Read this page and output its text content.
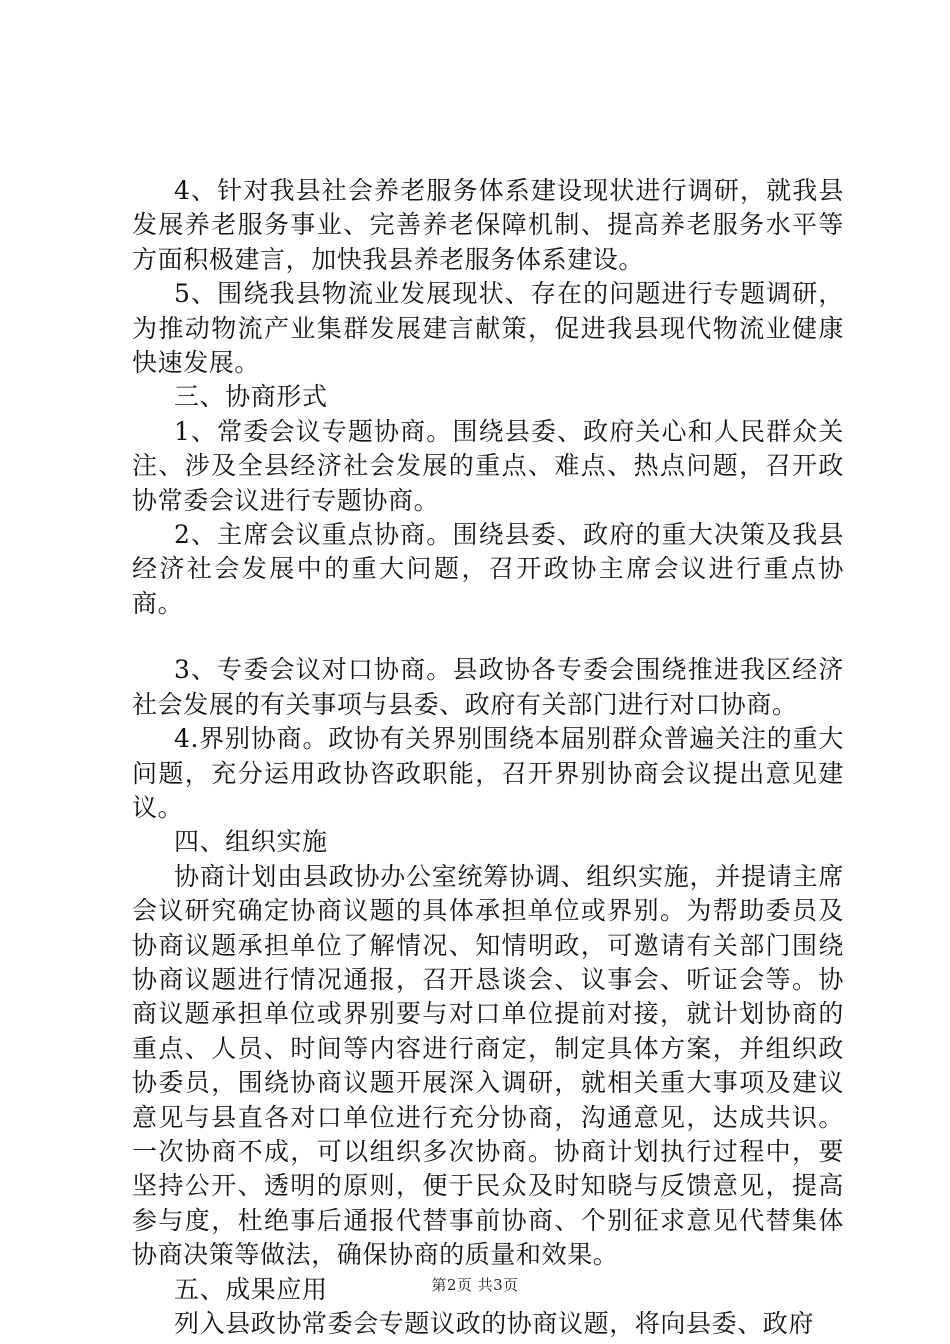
4、针对我县社会养老服务体系建设现状进行调研，就我县发展养老服务事业、完善养老保障机制、提高养老服务水平等方面积极建言，加快我县养老服务体系建设。

5、围绕我县物流业发展现状、存在的问题进行专题调研，为推动物流产业集群发展建言献策，促进我县现代物流业健康快速发展。

三、协商形式

1、常委会议专题协商。围绕县委、政府关心和人民群众关注、涉及全县经济社会发展的重点、难点、热点问题，召开政协常委会议进行专题协商。

2、主席会议重点协商。围绕县委、政府的重大决策及我县经济社会发展中的重大问题，召开政协主席会议进行重点协商。

3、专委会议对口协商。县政协各专委会围绕推进我区经济社会发展的有关事项与县委、政府有关部门进行对口协商。

4.界别协商。政协有关界别围绕本届别群众普遍关注的重大问题，充分运用政协咨政职能，召开界别协商会议提出意见建议。

四、组织实施

协商计划由县政协办公室统筹协调、组织实施，并提请主席会议研究确定协商议题的具体承担单位或界别。为帮助委员及协商议题承担单位了解情况、知情明政，可邀请有关部门围绕协商议题进行情况通报，召开恳谈会、议事会、听证会等。协商议题承担单位或界别要与对口单位提前对接，就计划协商的重点、人员、时间等内容进行商定，制定具体方案，并组织政协委员，围绕协商议题开展深入调研，就相关重大事项及建议意见与县直各对口单位进行充分协商，沟通意见，达成共识。一次协商不成，可以组织多次协商。协商计划执行过程中，要坚持公开、透明的原则，便于民众及时知晓与反馈意见，提高参与度，杜绝事后通报代替事前协商、个别征求意见代替集体协商决策等做法，确保协商的质量和效果。

五、成果应用

列入县政协常委会专题议政的协商议题，将向县委、政府

第2页 共3页
